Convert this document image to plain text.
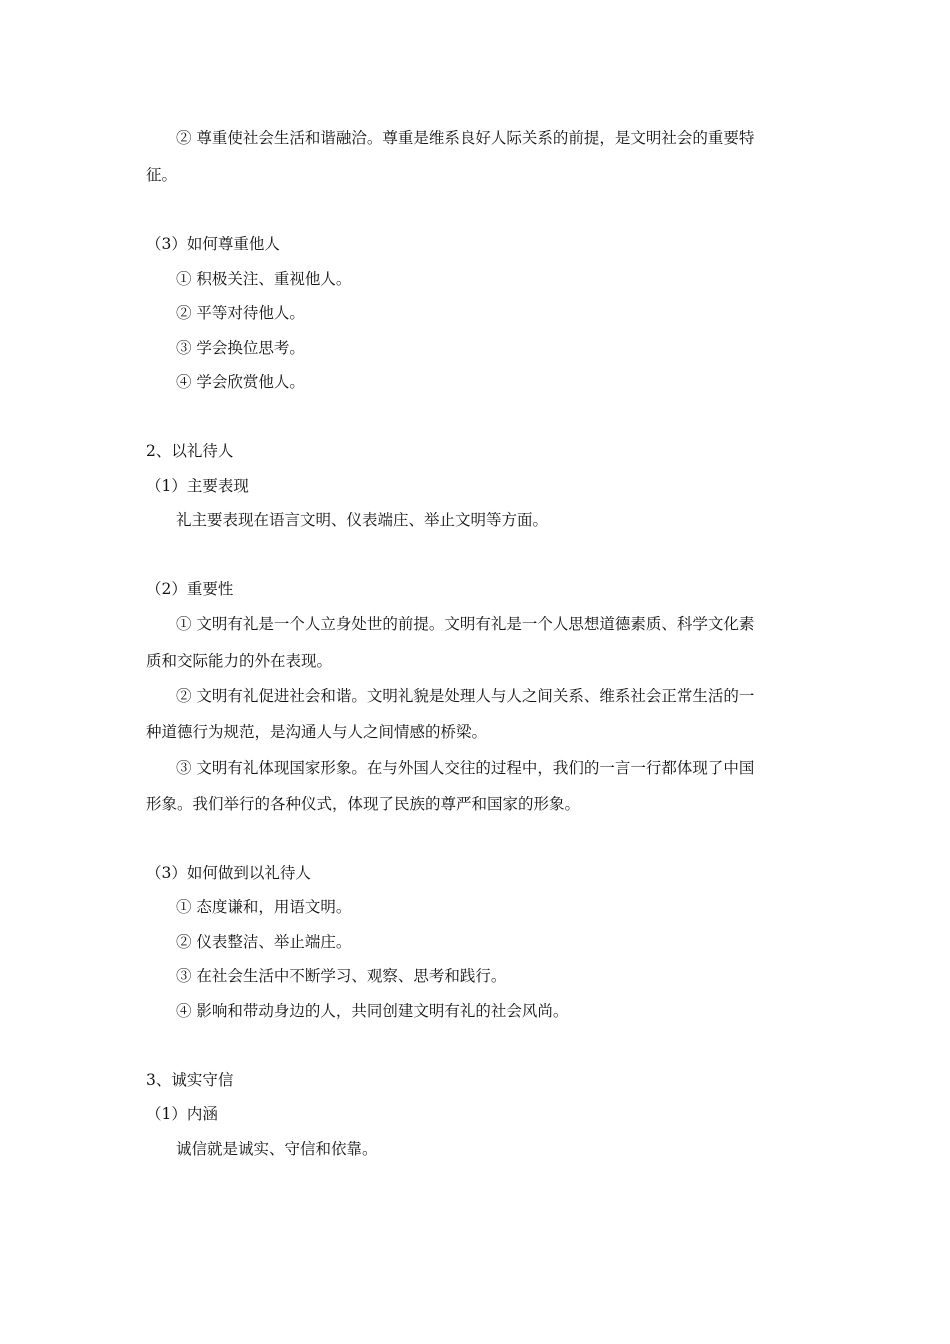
② 尊重使社会生活和谐融洽。尊重是维系良好人际关系的前提，是文明社会的重要特
征。
（3）如何尊重他人
① 积极关注、重视他人。
② 平等对待他人。
③ 学会换位思考。
④ 学会欣赏他人。
2、以礼待人
（1）主要表现
礼主要表现在语言文明、仪表端庄、举止文明等方面。
（2）重要性
① 文明有礼是一个人立身处世的前提。文明有礼是一个人思想道德素质、科学文化素
质和交际能力的外在表现。
② 文明有礼促进社会和谐。文明礼貌是处理人与人之间关系、维系社会正常生活的一
种道德行为规范，是沟通人与人之间情感的桥梁。
③ 文明有礼体现国家形象。在与外国人交往的过程中，我们的一言一行都体现了中国
形象。我们举行的各种仪式，体现了民族的尊严和国家的形象。
（3）如何做到以礼待人
① 态度谦和，用语文明。
② 仪表整洁、举止端庄。
③ 在社会生活中不断学习、观察、思考和践行。
④ 影响和带动身边的人，共同创建文明有礼的社会风尚。
3、诚实守信
（1）内涵
诚信就是诚实、守信和依靠。
